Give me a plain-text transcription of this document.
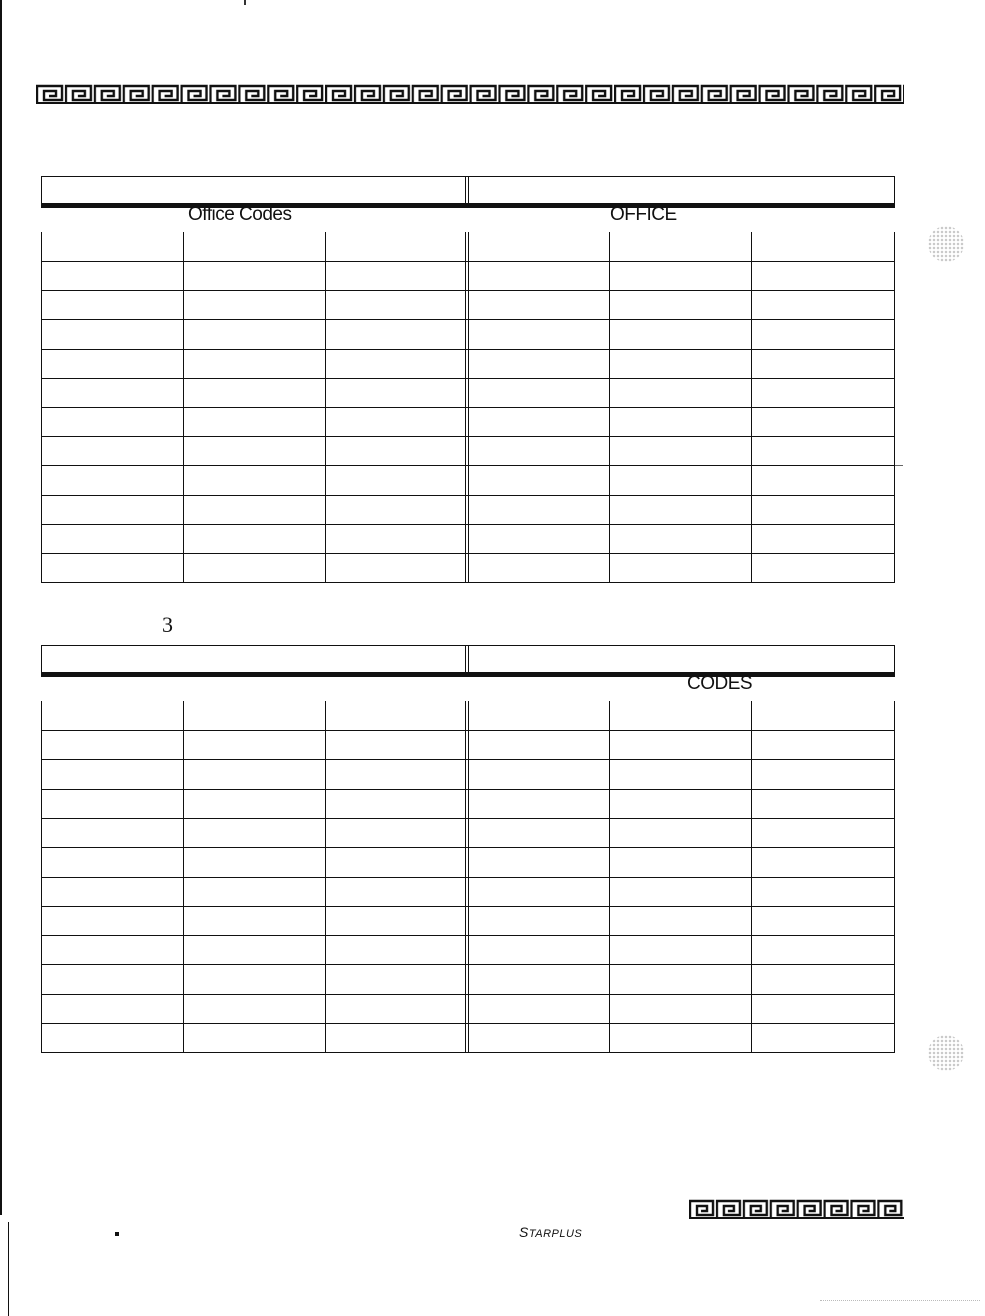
Office Codes	OFFICE
3
CODES
STARPLUS
